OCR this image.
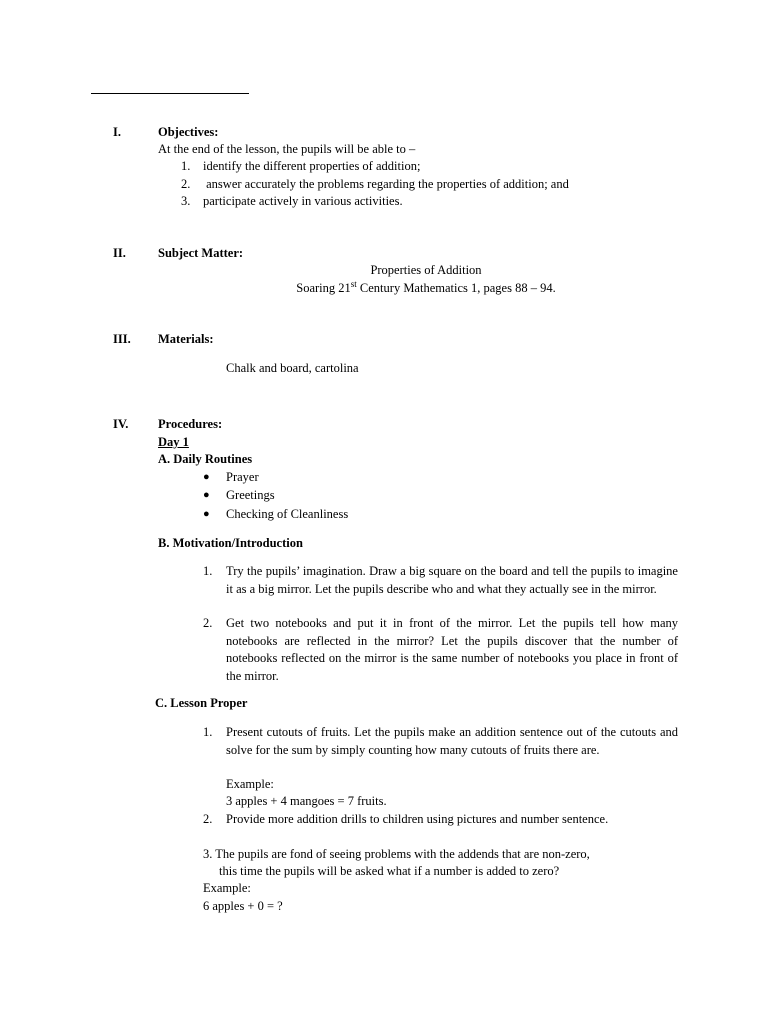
I.	Objectives:
At the end of the lesson, the pupils will be able to –
1. identify the different properties of addition;
2. answer accurately the problems regarding the properties of addition; and
3. participate actively in various activities.
II.	Subject Matter:
Properties of Addition
Soaring 21st Century Mathematics 1, pages 88 – 94.
III. Materials:
Chalk and board, cartolina
IV. Procedures:
Day 1
A. Daily Routines
● Prayer
● Greetings
● Checking of Cleanliness
B. Motivation/Introduction
1. Try the pupils’ imagination. Draw a big square on the board and tell the pupils to imagine it as a big mirror. Let the pupils describe who and what they actually see in the mirror.
2. Get two notebooks and put it in front of the mirror. Let the pupils tell how many notebooks are reflected in the mirror? Let the pupils discover that the number of notebooks reflected on the mirror is the same number of notebooks you place in front of the mirror.
C. Lesson Proper
1. Present cutouts of fruits. Let the pupils make an addition sentence out of the cutouts and solve for the sum by simply counting how many cutouts of fruits there are.
Example:
3 apples + 4 mangoes = 7 fruits.
2. Provide more addition drills to children using pictures and number sentence.
3. The pupils are fond of seeing problems with the addends that are non-zero,
this time the pupils will be asked what if a number is added to zero?
Example:
6 apples + 0 = ?
